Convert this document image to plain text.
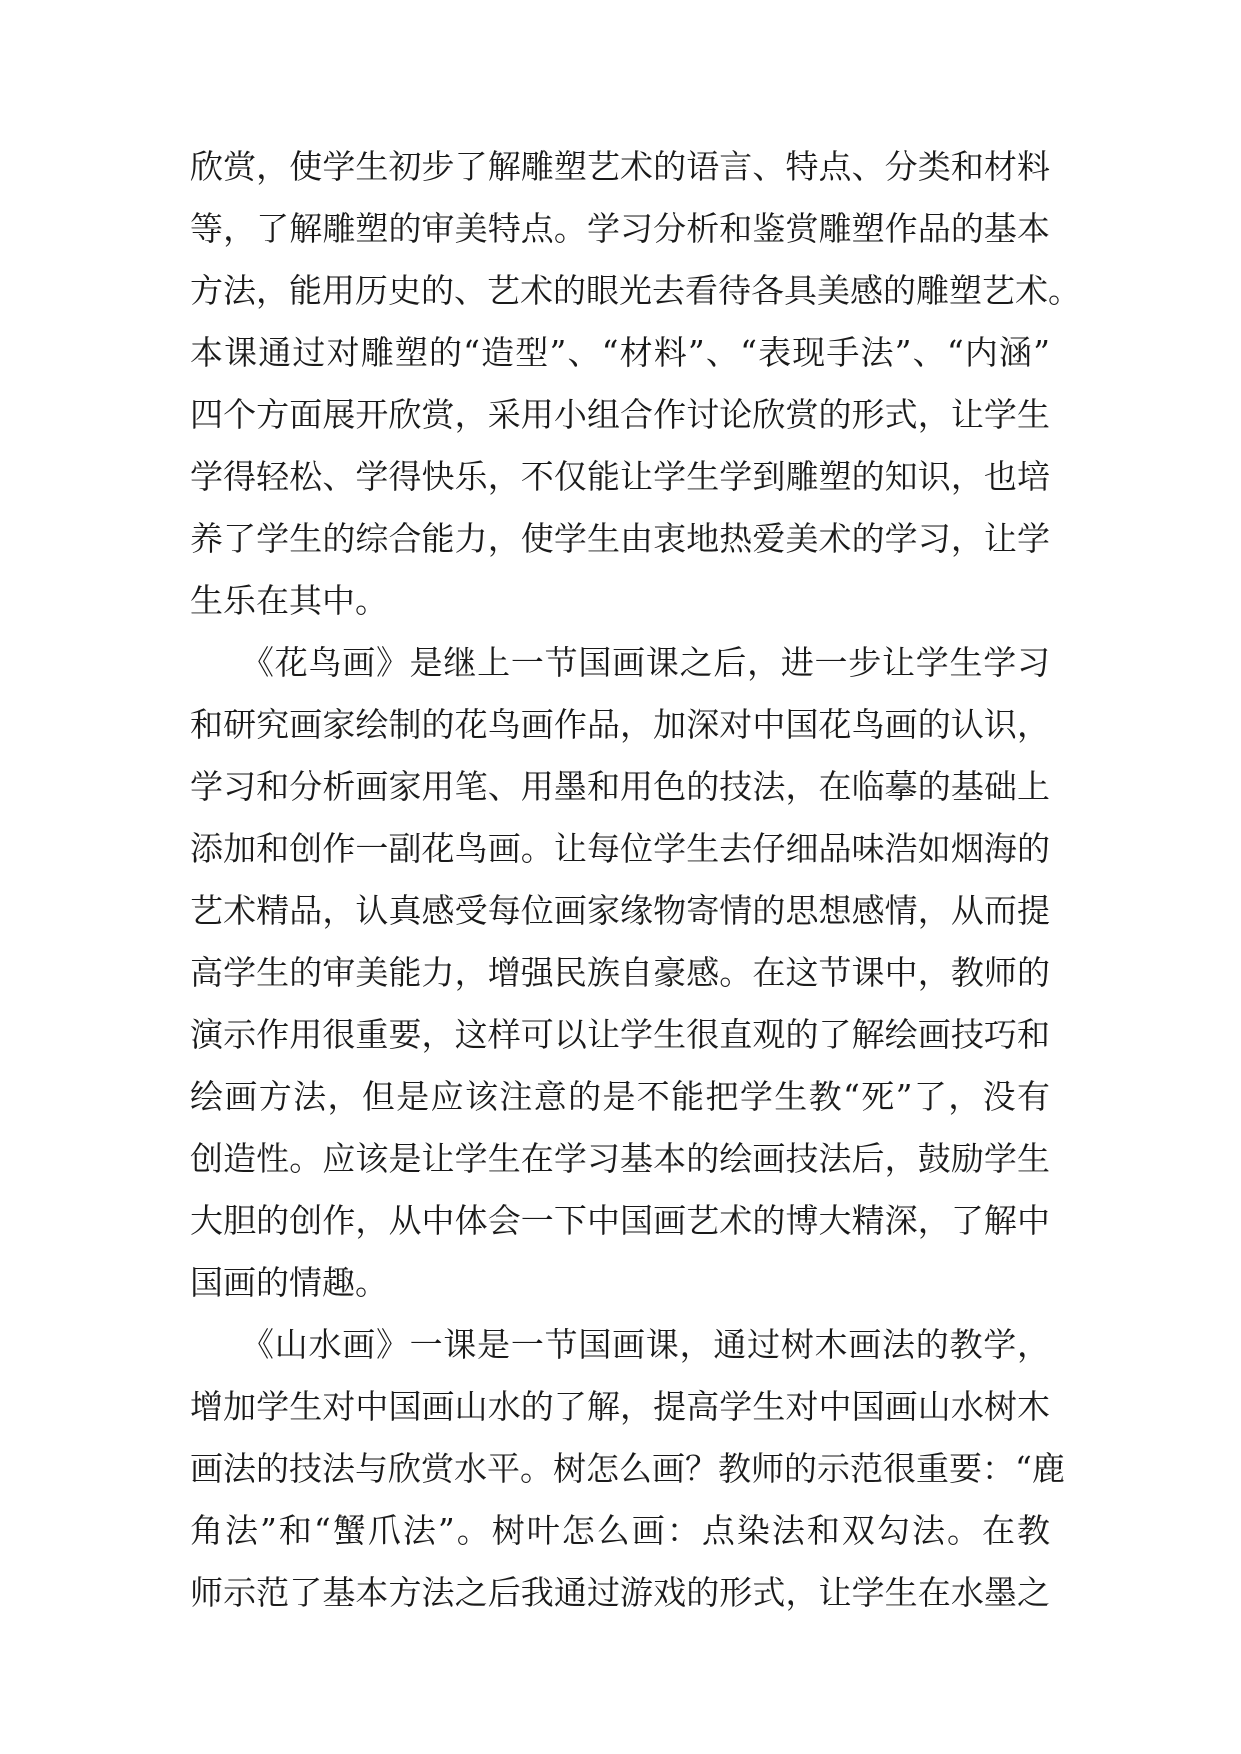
欣赏，使学生初步了解雕塑艺术的语言、特点、分类和材料
等，了解雕塑的审美特点。学习分析和鉴赏雕塑作品的基本
方法，能用历史的、艺术的眼光去看待各具美感的雕塑艺术。
本课通过对雕塑的“造型”、“材料”、“表现手法”、“内涵”
四个方面展开欣赏，采用小组合作讨论欣赏的形式，让学生
学得轻松、学得快乐，不仅能让学生学到雕塑的知识，也培
养了学生的综合能力，使学生由衷地热爱美术的学习，让学
生乐在其中。
　　《花鸟画》是继上一节国画课之后，进一步让学生学习
和研究画家绘制的花鸟画作品，加深对中国花鸟画的认识，
学习和分析画家用笔、用墨和用色的技法，在临摹的基础上
添加和创作一副花鸟画。让每位学生去仔细品味浩如烟海的
艺术精品，认真感受每位画家缘物寄情的思想感情，从而提
高学生的审美能力，增强民族自豪感。在这节课中，教师的
演示作用很重要，这样可以让学生很直观的了解绘画技巧和
绘画方法，但是应该注意的是不能把学生教“死”了，没有
创造性。应该是让学生在学习基本的绘画技法后，鼓励学生
大胆的创作，从中体会一下中国画艺术的博大精深，了解中
国画的情趣。
　　《山水画》一课是一节国画课，通过树木画法的教学，
增加学生对中国画山水的了解，提高学生对中国画山水树木
画法的技法与欣赏水平。树怎么画？教师的示范很重要：“鹿
角法”和“蟹爪法”。树叶怎么画：点染法和双勾法。在教
师示范了基本方法之后我通过游戏的形式，让学生在水墨之
